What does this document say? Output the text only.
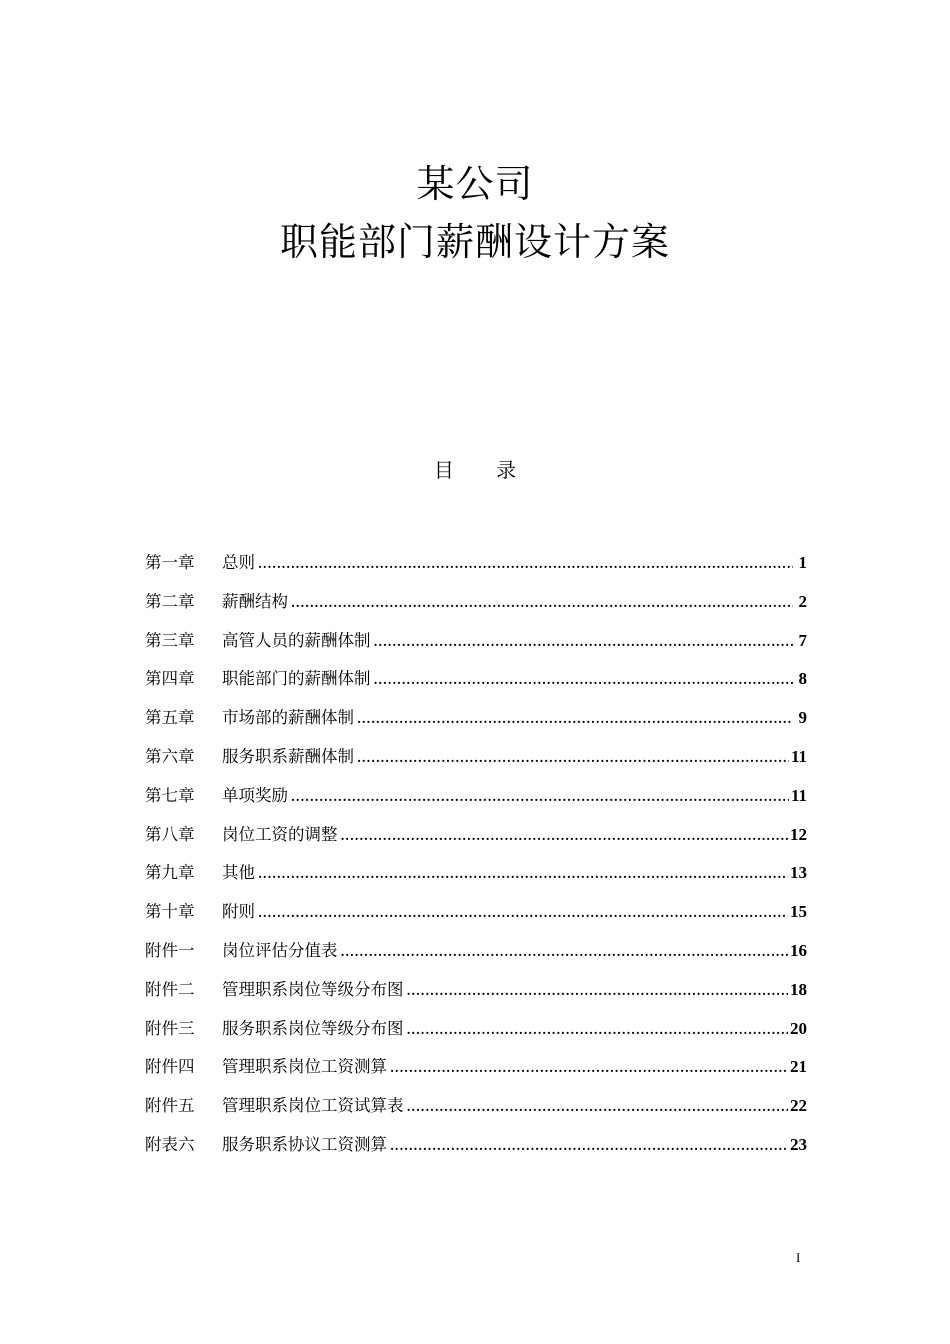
某公司
职能部门薪酬设计方案
目 录
第一章	总则 .....	1
第二章	薪酬结构 .....	2
第三章	高管人员的薪酬体制 .....	7
第四章	职能部门的薪酬体制 .....	8
第五章	市场部的薪酬体制 .....	9
第六章	服务职系薪酬体制 .....	11
第七章	单项奖励 .....	11
第八章	岗位工资的调整 .....	12
第九章	其他 .....	13
第十章	附则 .....	15
附件一	岗位评估分值表 .....	16
附件二	管理职系岗位等级分布图 .....	18
附件三	服务职系岗位等级分布图 .....	20
附件四	管理职系岗位工资测算 .....	21
附件五	管理职系岗位工资试算表 .....	22
附表六	服务职系协议工资测算 .....	23
I
